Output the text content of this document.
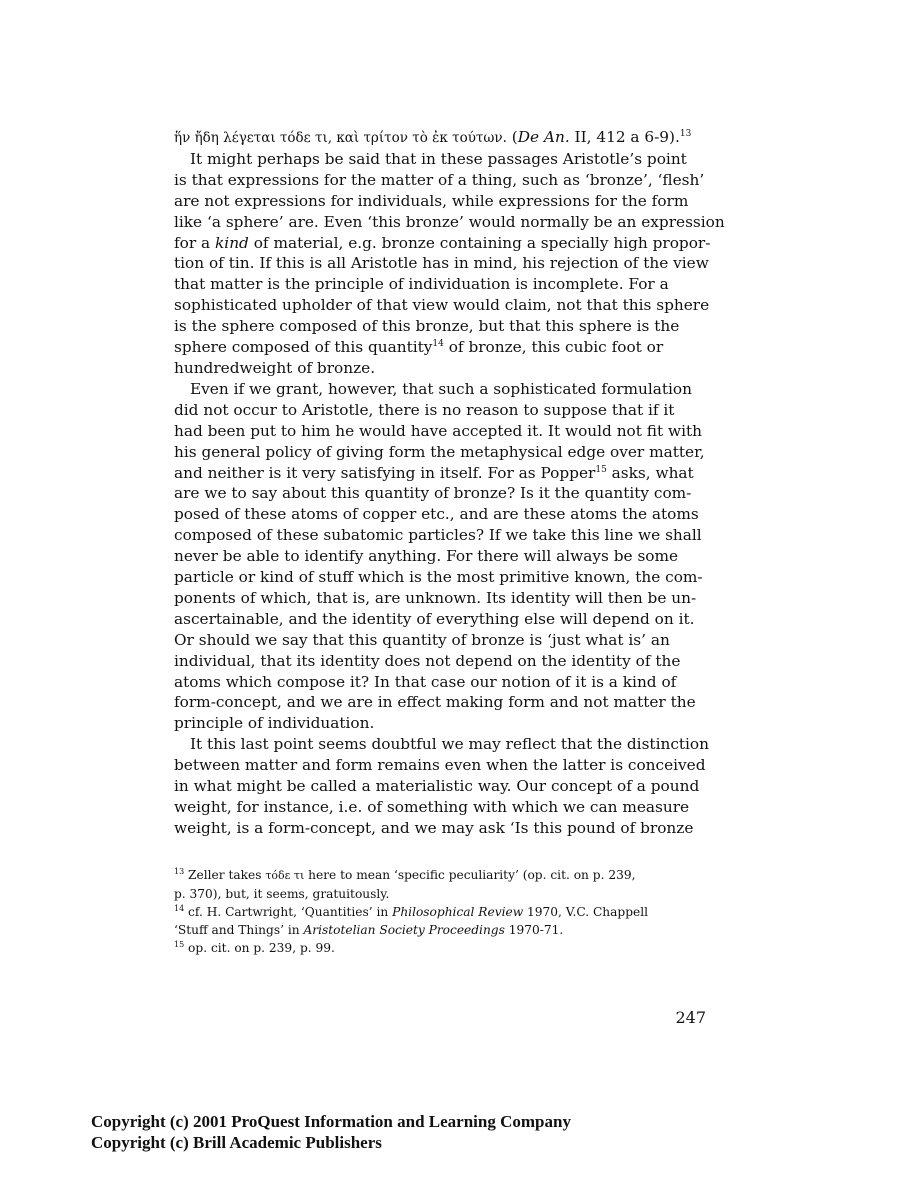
ἥν ἤδη λέγεται τόδε τι, καὶ τρίτον τὸ ἐκ τούτων. (De An. II, 412 a 6-9).$^{13}$
It might perhaps be said that in these passages Aristotle’s point
is that expressions for the matter of a thing, such as ‘bronze’, ‘flesh’
are not expressions for individuals, while expressions for the form
like ‘a sphere’ are. Even ‘this bronze’ would normally be an expression
for a kind of material, e.g. bronze containing a specially high propor-
tion of tin. If this is all Aristotle has in mind, his rejection of the view
that matter is the principle of individuation is incomplete. For a
sophisticated upholder of that view would claim, not that this sphere
is the sphere composed of this bronze, but that this sphere is the
sphere composed of this quantity$^{14}$ of bronze, this cubic foot or
hundredweight of bronze.
Even if we grant, however, that such a sophisticated formulation
did not occur to Aristotle, there is no reason to suppose that if it
had been put to him he would have accepted it. It would not fit with
his general policy of giving form the metaphysical edge over matter,
and neither is it very satisfying in itself. For as Popper$^{15}$ asks, what
are we to say about this quantity of bronze? Is it the quantity com-
posed of these atoms of copper etc., and are these atoms the atoms
composed of these subatomic particles? If we take this line we shall
never be able to identify anything. For there will always be some
particle or kind of stuff which is the most primitive known, the com-
ponents of which, that is, are unknown. Its identity will then be un-
ascertainable, and the identity of everything else will depend on it.
Or should we say that this quantity of bronze is ‘just what is’ an
individual, that its identity does not depend on the identity of the
atoms which compose it? In that case our notion of it is a kind of
form-concept, and we are in effect making form and not matter the
principle of individuation.
It this last point seems doubtful we may reflect that the distinction
between matter and form remains even when the latter is conceived
in what might be called a materialistic way. Our concept of a pound
weight, for instance, i.e. of something with which we can measure
weight, is a form-concept, and we may ask ‘Is this pound of bronze
$^{13}$ Zeller takes τόδε τι here to mean ‘specific peculiarity’ (op. cit. on p. 239,
p. 370), but, it seems, gratuitously.
$^{14}$ cf. H. Cartwright, ‘Quantities’ in Philosophical Review 1970, V.C. Chappell
‘Stuff and Things’ in Aristotelian Society Proceedings 1970-71.
$^{15}$ op. cit. on p. 239, p. 99.
247
Copyright (c) 2001 ProQuest Information and Learning Company
Copyright (c) Brill Academic Publishers
